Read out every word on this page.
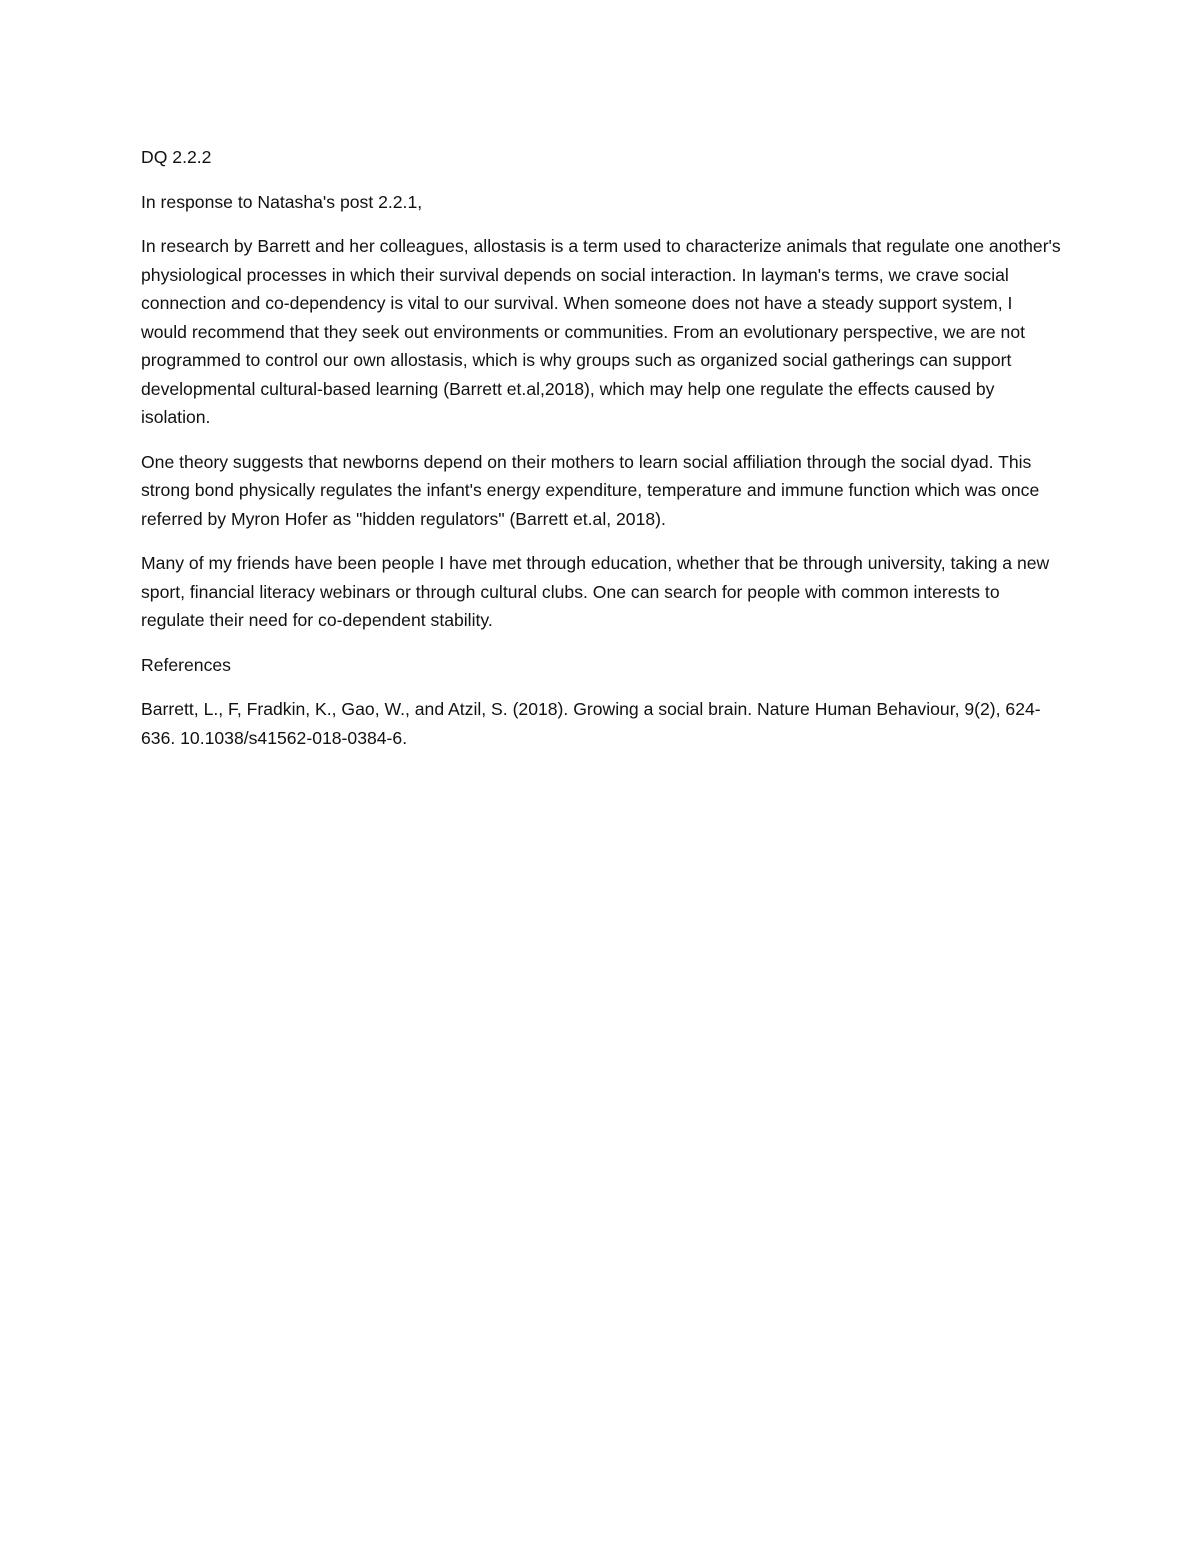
DQ 2.2.2

In response to Natasha's post 2.2.1,

In research by Barrett and her colleagues, allostasis is a term used to characterize animals that regulate one another's physiological processes in which their survival depends on social interaction. In layman's terms, we crave social connection and co-dependency is vital to our survival. When someone does not have a steady support system, I would recommend that they seek out environments or communities. From an evolutionary perspective, we are not programmed to control our own allostasis, which is why groups such as organized social gatherings can support developmental cultural-based learning (Barrett et.al,2018), which may help one regulate the effects caused by isolation.

One theory suggests that newborns depend on their mothers to learn social affiliation through the social dyad. This strong bond physically regulates the infant's energy expenditure, temperature and immune function which was once referred by Myron Hofer as "hidden regulators" (Barrett et.al, 2018).

Many of my friends have been people I have met through education, whether that be through university, taking a new sport, financial literacy webinars or through cultural clubs. One can search for people with common interests to regulate their need for co-dependent stability.

References

Barrett, L., F, Fradkin, K., Gao, W., and Atzil, S. (2018). Growing a social brain. Nature Human Behaviour, 9(2), 624-636. 10.1038/s41562-018-0384-6.
